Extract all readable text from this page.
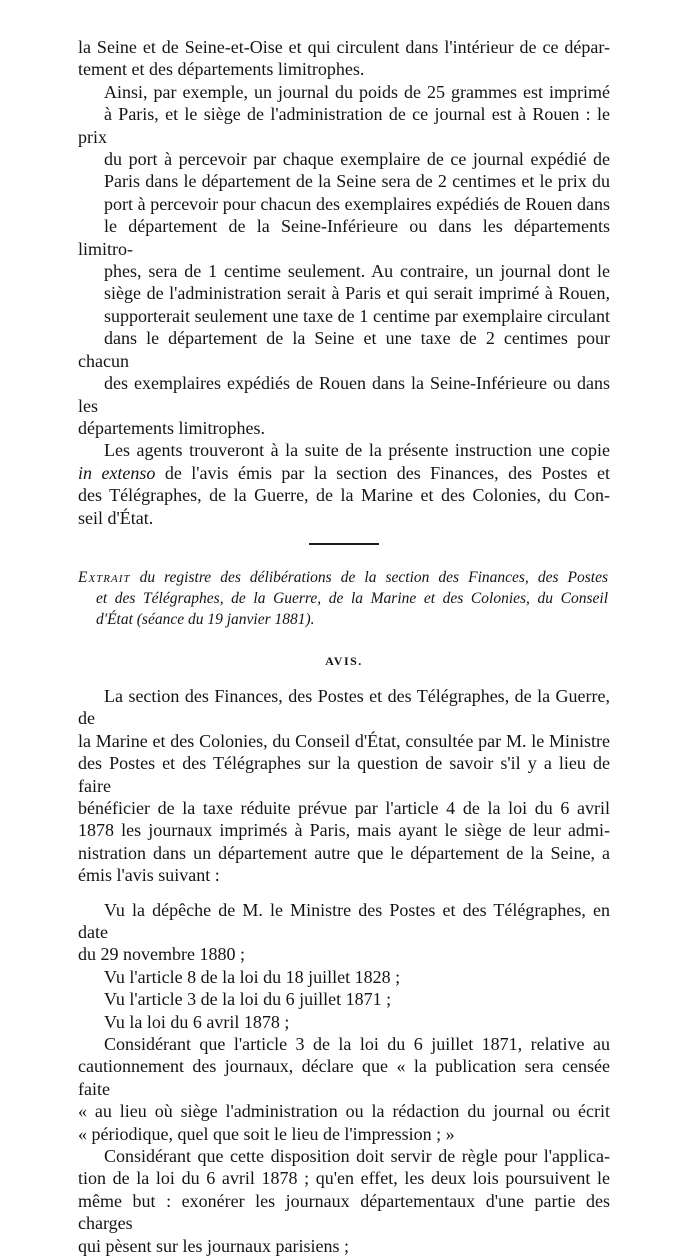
la Seine et de Seine-et-Oise et qui circulent dans l'intérieur de ce dépar-
tement et des départements limitrophes.
Ainsi, par exemple, un journal du poids de 25 grammes est imprimé
à Paris, et le siège de l'administration de ce journal est à Rouen : le prix
du port à percevoir par chaque exemplaire de ce journal expédié de
Paris dans le département de la Seine sera de 2 centimes et le prix du
port à percevoir pour chacun des exemplaires expédiés de Rouen dans
le département de la Seine-Inférieure ou dans les départements limitro-
phes, sera de 1 centime seulement. Au contraire, un journal dont le
siège de l'administration serait à Paris et qui serait imprimé à Rouen,
supporterait seulement une taxe de 1 centime par exemplaire circulant
dans le département de la Seine et une taxe de 2 centimes pour chacun
des exemplaires expédiés de Rouen dans la Seine-Inférieure ou dans les
départements limitrophes.
Les agents trouveront à la suite de la présente instruction une copie
in extenso de l'avis émis par la section des Finances, des Postes et
des Télégraphes, de la Guerre, de la Marine et des Colonies, du Con-
seil d'État.
Extrait du registre des délibérations de la section des Finances, des Postes
et des Télégraphes, de la Guerre, de la Marine et des Colonies, du Conseil
d'État (séance du 19 janvier 1881).
AVIS.
La section des Finances, des Postes et des Télégraphes, de la Guerre, de
la Marine et des Colonies, du Conseil d'État, consultée par M. le Ministre
des Postes et des Télégraphes sur la question de savoir s'il y a lieu de faire
bénéficier de la taxe réduite prévue par l'article 4 de la loi du 6 avril
1878 les journaux imprimés à Paris, mais ayant le siège de leur admi-
nistration dans un département autre que le département de la Seine, a
émis l'avis suivant :
Vu la dépêche de M. le Ministre des Postes et des Télégraphes, en date
du 29 novembre 1880 ;
Vu l'article 8 de la loi du 18 juillet 1828 ;
Vu l'article 3 de la loi du 6 juillet 1871 ;
Vu la loi du 6 avril 1878 ;
Considérant que l'article 3 de la loi du 6 juillet 1871, relative au
cautionnement des journaux, déclare que « la publication sera censée faite
« au lieu où siège l'administration ou la rédaction du journal ou écrit
« périodique, quel que soit le lieu de l'impression ; »
Considérant que cette disposition doit servir de règle pour l'applica-
tion de la loi du 6 avril 1878 ; qu'en effet, les deux lois poursuivent le
même but : exonérer les journaux départementaux d'une partie des charges
qui pèsent sur les journaux parisiens ;
